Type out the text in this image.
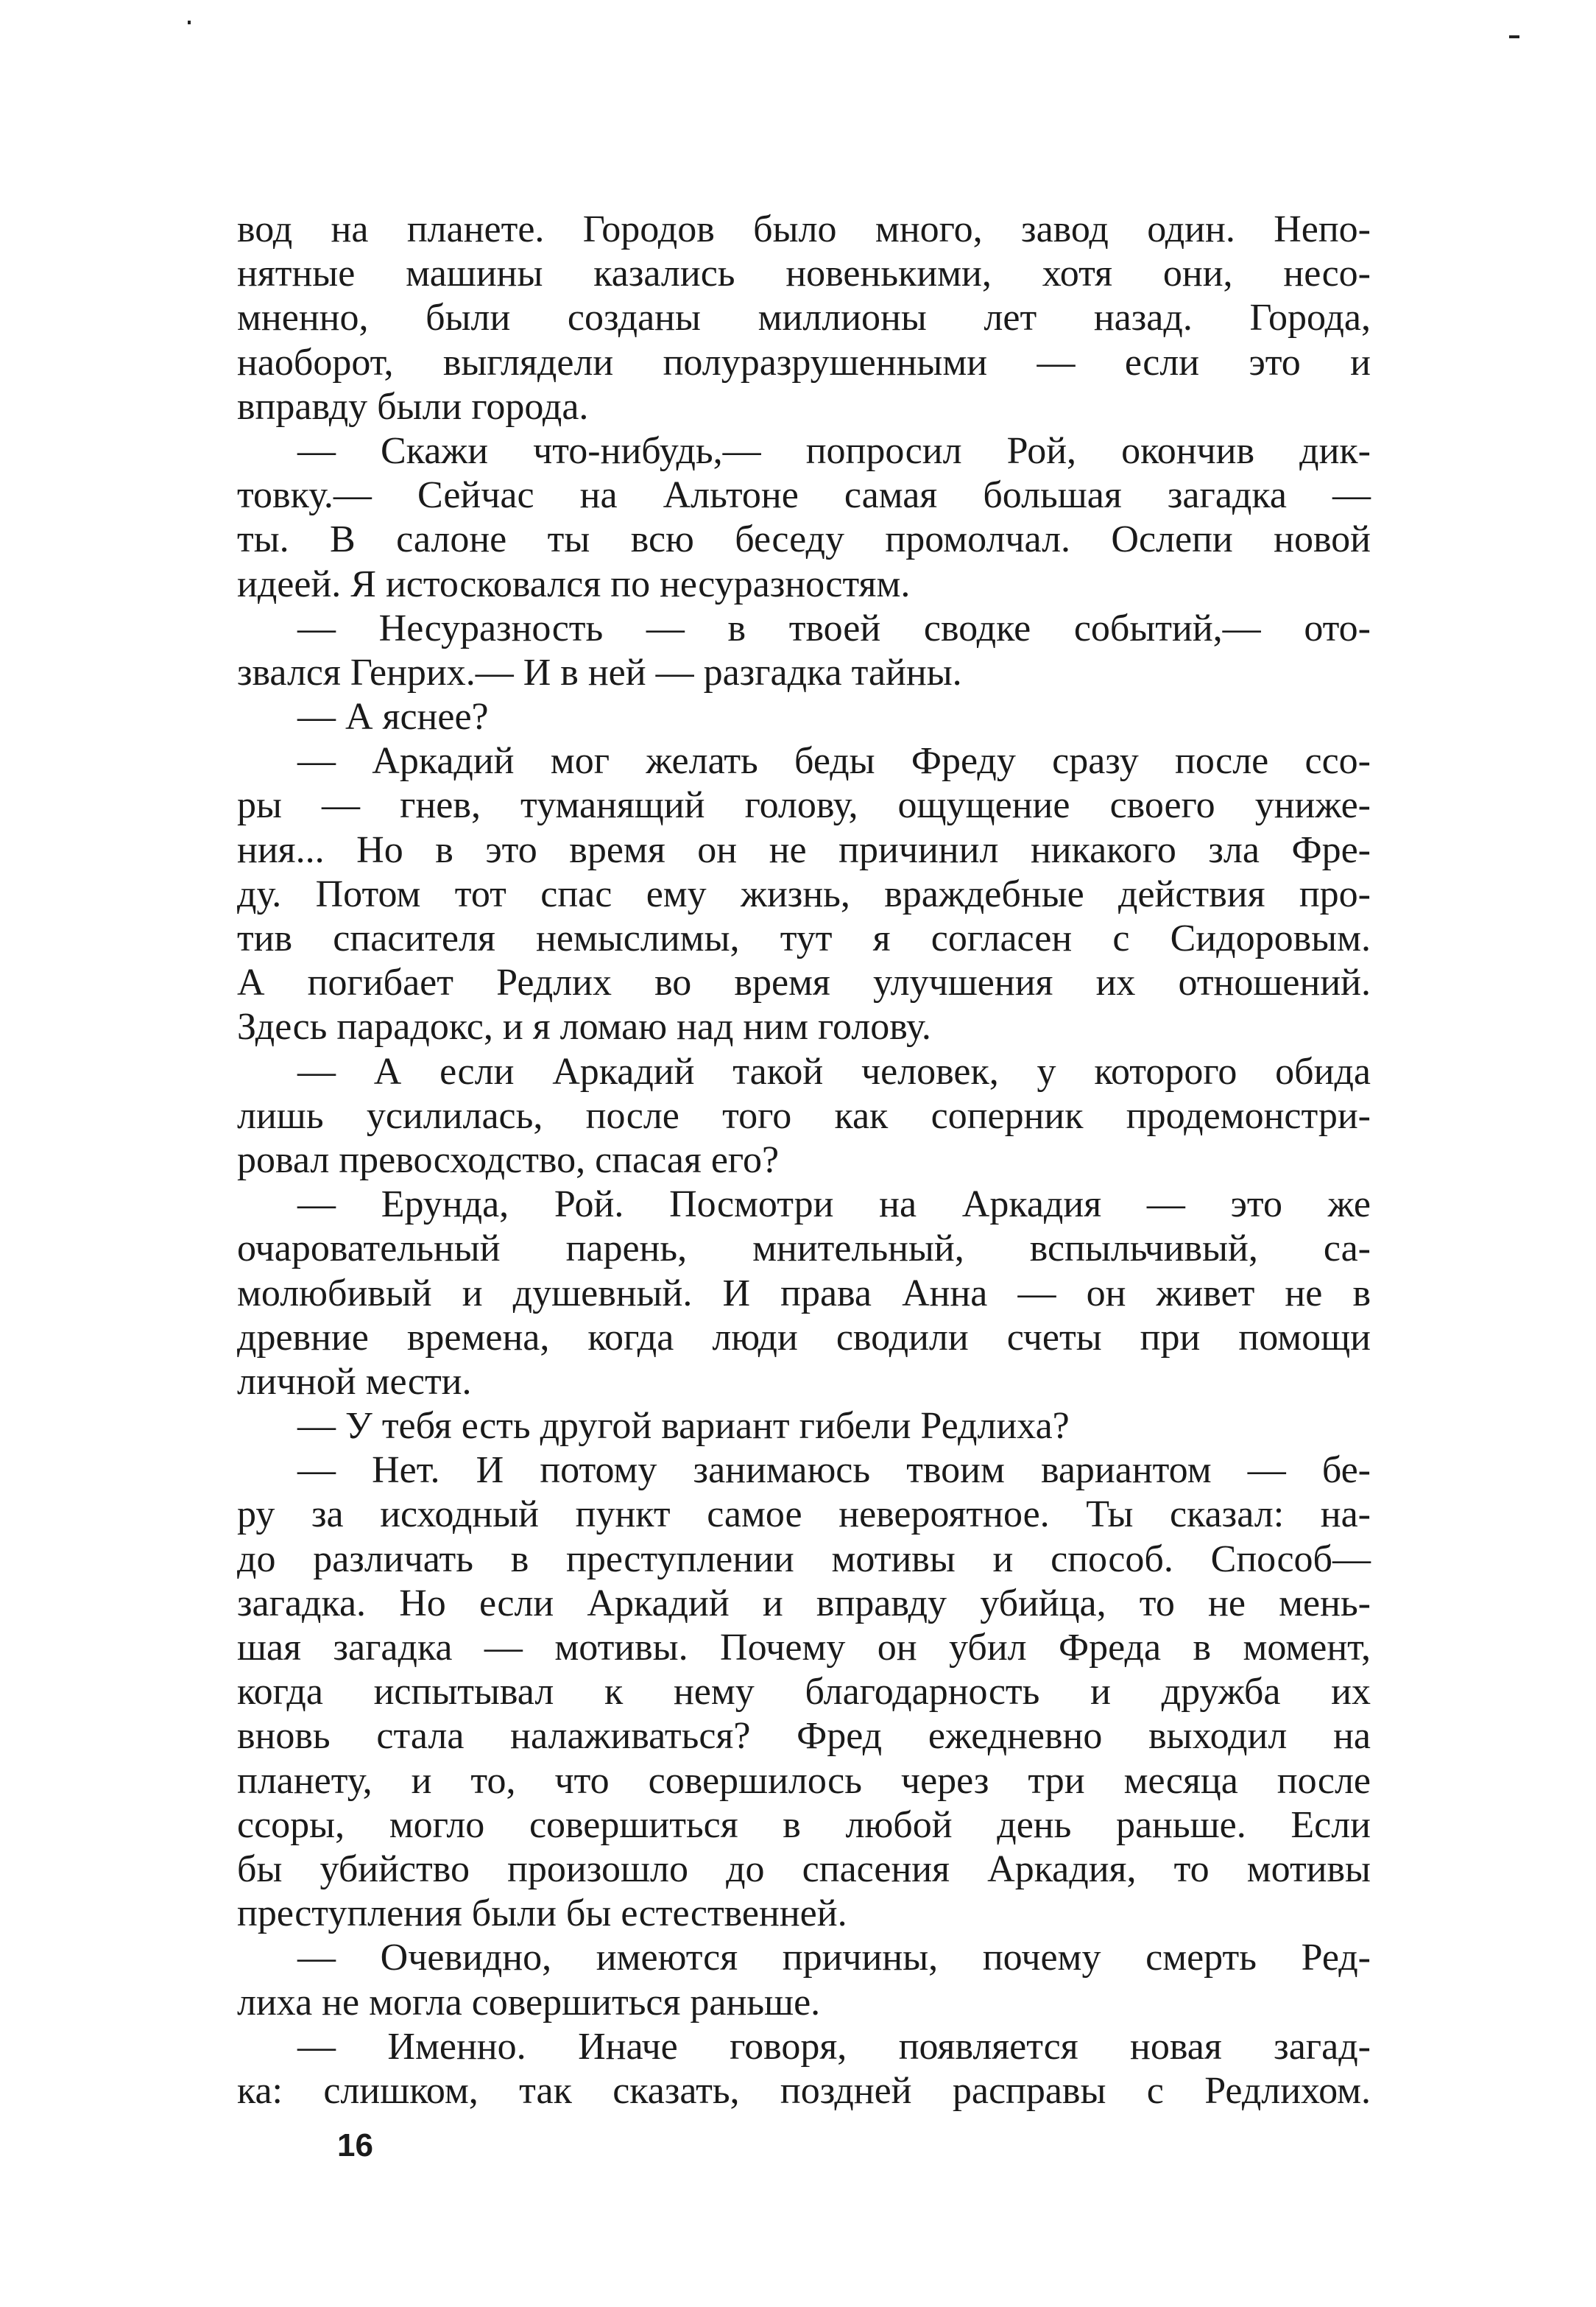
вод на планете. Городов было много, завод один. Непо-
нятные машины казались новенькими, хотя они, несо-
мненно, были созданы миллионы лет назад. Города,
наоборот, выглядели полуразрушенными — если это и
вправду были города.
— Скажи что-нибудь,— попросил Рой, окончив дик-
товку.— Сейчас на Альтоне самая большая загадка —
ты. В салоне ты всю беседу промолчал. Ослепи новой
идеей. Я истосковался по несуразностям.
— Несуразность — в твоей сводке событий,— ото-
звался Генрих.— И в ней — разгадка тайны.
— А яснее?
— Аркадий мог желать беды Фреду сразу после ссо-
ры — гнев, туманящий голову, ощущение своего униже-
ния... Но в это время он не причинил никакого зла Фре-
ду. Потом тот спас ему жизнь, враждебные действия про-
тив спасителя немыслимы, тут я согласен с Сидоровым.
А погибает Редлих во время улучшения их отношений.
Здесь парадокс, и я ломаю над ним голову.
— А если Аркадий такой человек, у которого обида
лишь усилилась, после того как соперник продемонстри-
ровал превосходство, спасая его?
— Ерунда, Рой. Посмотри на Аркадия — это же
очаровательный парень, мнительный, вспыльчивый, са-
молюбивый и душевный. И права Анна — он живет не в
древние времена, когда люди сводили счеты при помощи
личной мести.
— У тебя есть другой вариант гибели Редлиха?
— Нет. И потому занимаюсь твоим вариантом — бе-
ру за исходный пункт самое невероятное. Ты сказал: на-
до различать в преступлении мотивы и способ. Способ—
загадка. Но если Аркадий и вправду убийца, то не мень-
шая загадка — мотивы. Почему он убил Фреда в момент,
когда испытывал к нему благодарность и дружба их
вновь стала налаживаться? Фред ежедневно выходил на
планету, и то, что совершилось через три месяца после
ссоры, могло совершиться в любой день раньше. Если
бы убийство произошло до спасения Аркадия, то мотивы
преступления были бы естественней.
— Очевидно, имеются причины, почему смерть Ред-
лиха не могла совершиться раньше.
— Именно. Иначе говоря, появляется новая загад-
ка: слишком, так сказать, поздней расправы с Редлихом.
16
